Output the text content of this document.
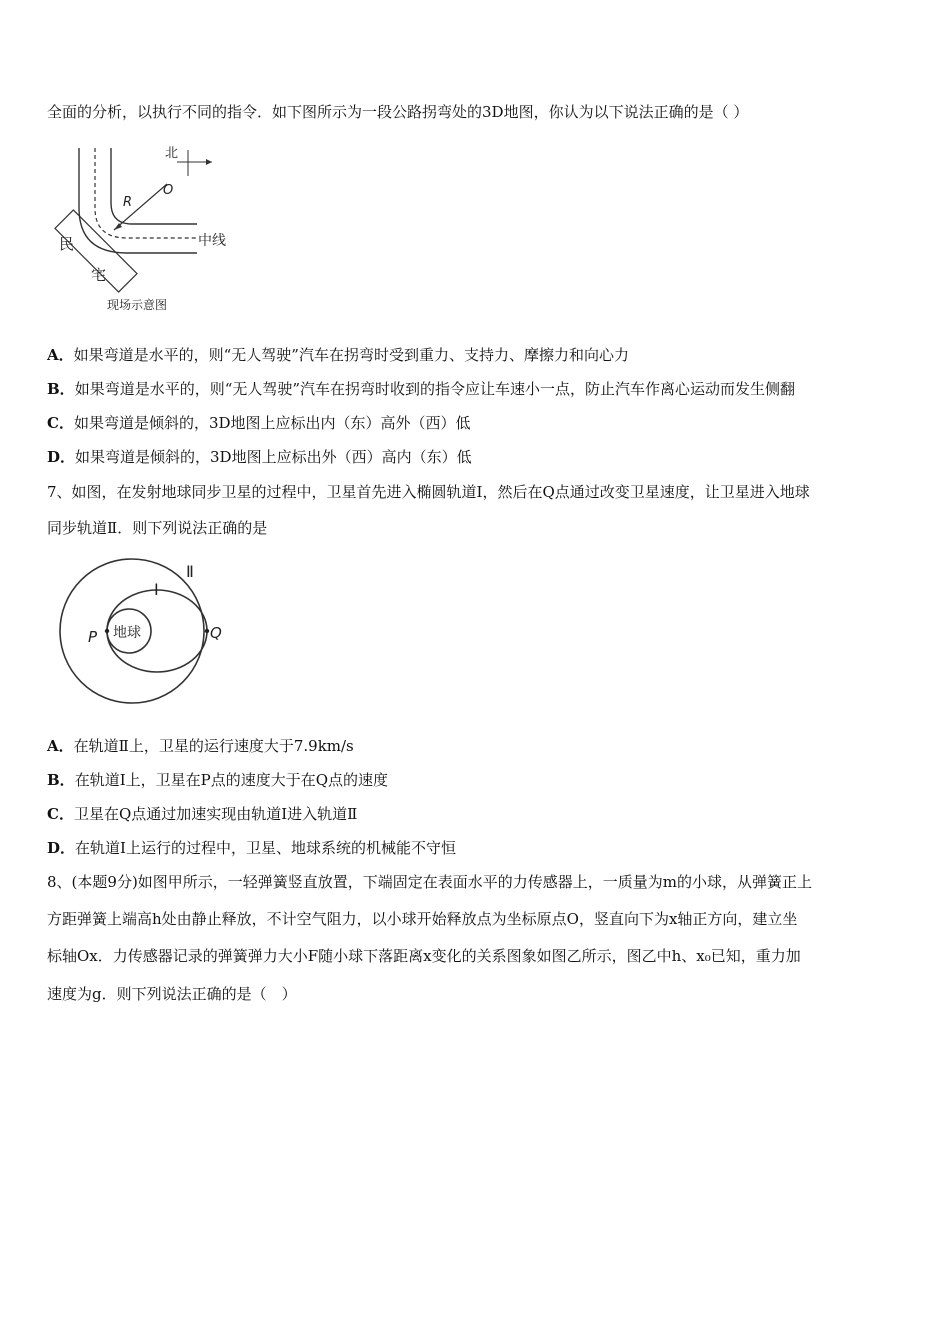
全面的分析，以执行不同的指令．如下图所示为一段公路拐弯处的3D地图，你认为以下说法正确的是（ ）
北
O
R
中线
民
宅
现场示意图
A．如果弯道是水平的，则“无人驾驶”汽车在拐弯时受到重力、支持力、摩擦力和向心力
B．如果弯道是水平的，则“无人驾驶”汽车在拐弯时收到的指令应让车速小一点，防止汽车作离心运动而发生侧翻
C．如果弯道是倾斜的，3D地图上应标出内（东）高外（西）低
D．如果弯道是倾斜的，3D地图上应标出外（西）高内（东）低
7、如图，在发射地球同步卫星的过程中，卫星首先进入椭圆轨道Ⅰ，然后在Q点通过改变卫星速度，让卫星进入地球
同步轨道Ⅱ．则下列说法正确的是
地球
P	Q
Ⅰ
Ⅱ
A．在轨道Ⅱ上，卫星的运行速度大于7.9km/s
B．在轨道Ⅰ上，卫星在P点的速度大于在Q点的速度
C．卫星在Q点通过加速实现由轨道Ⅰ进入轨道Ⅱ
D．在轨道Ⅰ上运行的过程中，卫星、地球系统的机械能不守恒
8、(本题9分)如图甲所示，一轻弹簧竖直放置，下端固定在表面水平的力传感器上，一质量为m的小球，从弹簧正上
方距弹簧上端高h处由静止释放，不计空气阻力，以小球开始释放点为坐标原点O，竖直向下为x轴正方向，建立坐
标轴Ox．力传感器记录的弹簧弹力大小F随小球下落距离x变化的关系图象如图乙所示，图乙中h、x₀已知，重力加
速度为g．则下列说法正确的是（　）
